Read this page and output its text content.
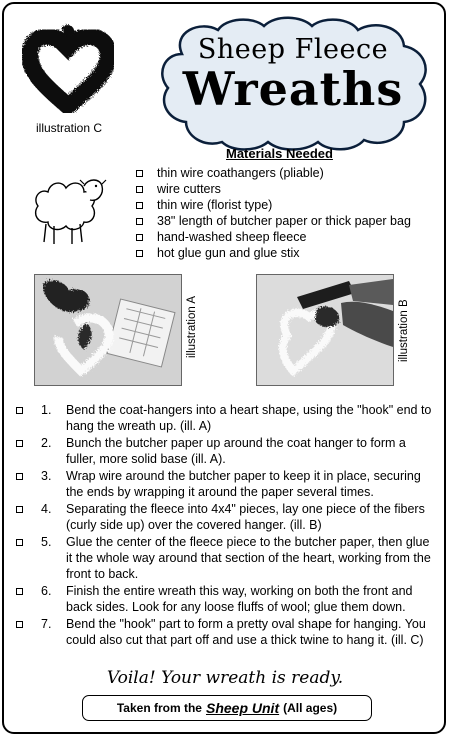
illustration C
Sheep Fleece
Wreaths
Materials Needed
thin wire coathangers (pliable)
wire cutters
thin wire (florist type)
38" length of butcher paper or thick paper bag
hand-washed sheep fleece
hot glue gun and glue stix
illustration A	illustration B
1. Bend the coat-hangers into a heart shape, using the "hook" end to hang the wreath up. (ill. A)
2. Bunch the butcher paper up around the coat hanger to form a fuller, more solid base (ill. A).
3. Wrap wire around the butcher paper to keep it in place, securing the ends by wrapping it around the paper several times.
4. Separating the fleece into 4x4" pieces, lay one piece of the fibers (curly side up) over the covered hanger. (ill. B)
5. Glue the center of the fleece piece to the butcher paper, then glue it the whole way around that section of the heart, working from the front to back.
6. Finish the entire wreath this way, working on both the front and back sides. Look for any loose fluffs of wool; glue them down.
7. Bend the "hook" part to form a pretty oval shape for hanging. You could also cut that part off and use a thick twine to hang it. (ill. C)
Voila! Your wreath is ready.
Taken from the Sheep Unit (All ages)
